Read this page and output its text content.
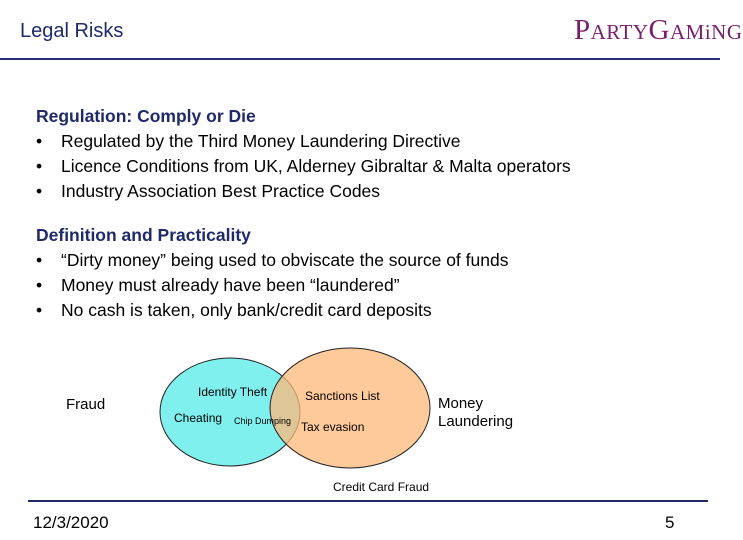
Legal Risks	PARTYGAMiNG
Regulation: Comply or Die
•	Regulated by the Third Money Laundering Directive
•	Licence Conditions from UK, Alderney Gibraltar & Malta operators
•	Industry Association Best Practice Codes
Definition and Practicality
•	“Dirty money” being used to obviscate the source of funds
•	Money must already have been “laundered”
•	No cash is taken, only bank/credit card deposits
Fraud	Money
Laundering
Identity Theft
Cheating Chip Dumping
Sanctions List
Tax evasion
Credit Card Fraud
12/3/2020	5
